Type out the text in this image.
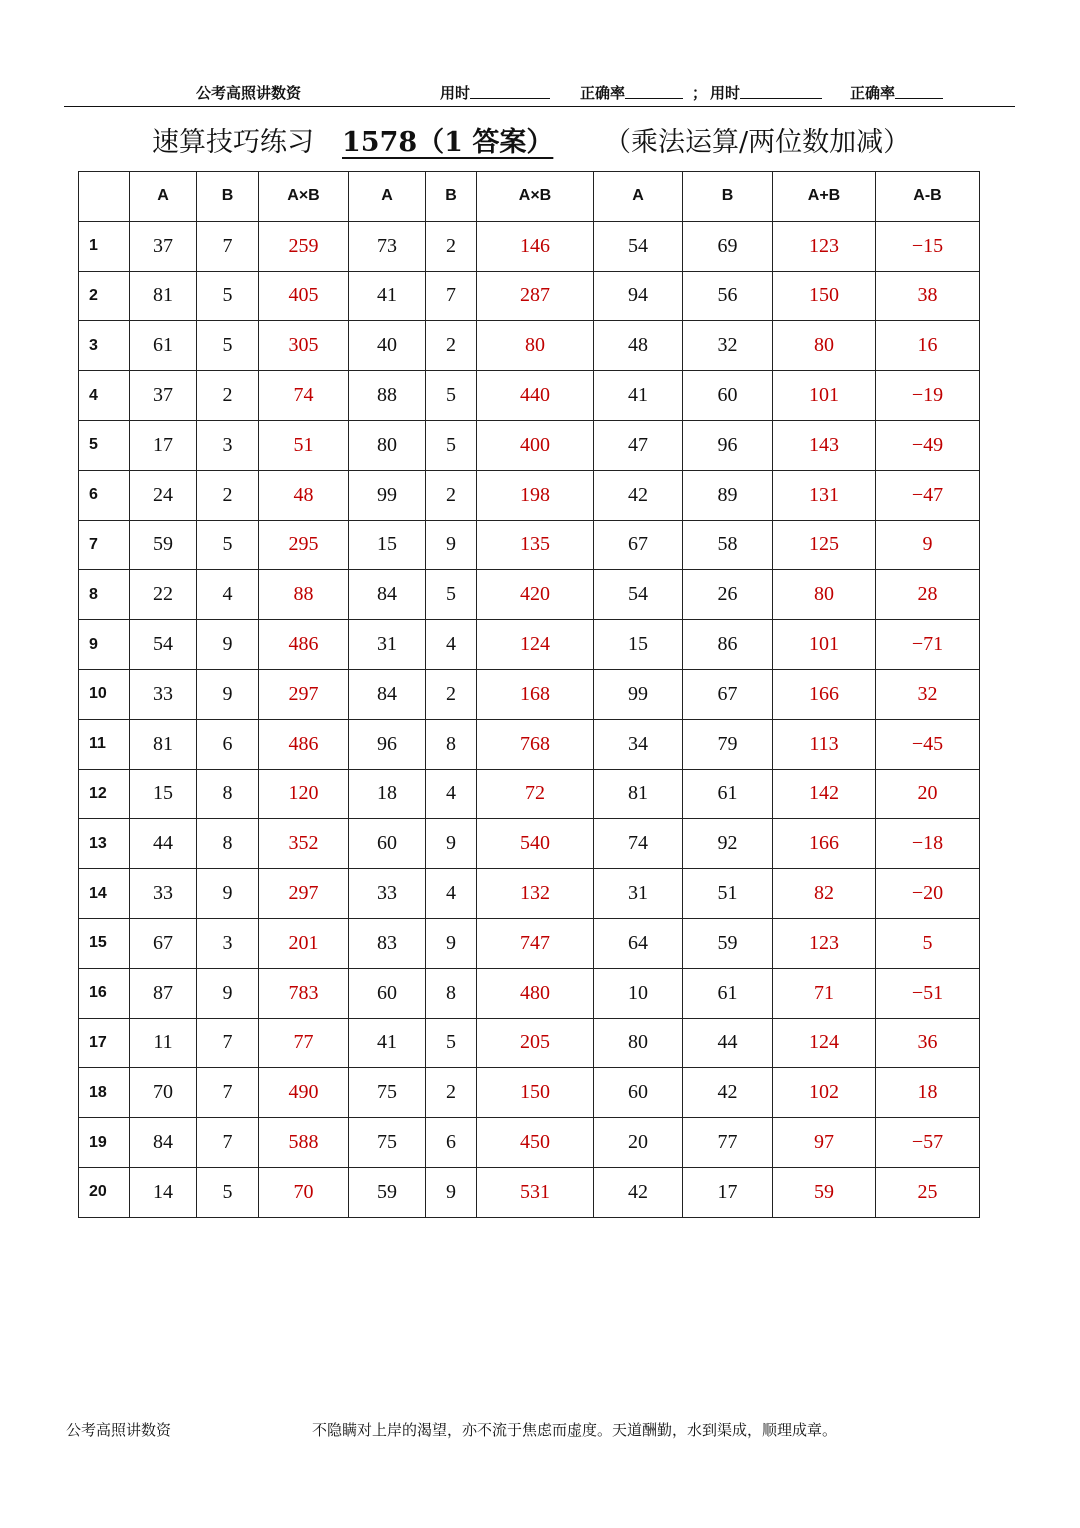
公考高照讲数资	用时	正确率	； 用时	正确率
速算技巧练习 1578（1 答案） （乘法运算/两位数加减）
	A	B	A×B	A	B	A×B	A	B	A+B	A-B
1	37	7	259	73	2	146	54	69	123	−15
2	81	5	405	41	7	287	94	56	150	38
3	61	5	305	40	2	80	48	32	80	16
4	37	2	74	88	5	440	41	60	101	−19
5	17	3	51	80	5	400	47	96	143	−49
6	24	2	48	99	2	198	42	89	131	−47
7	59	5	295	15	9	135	67	58	125	9
8	22	4	88	84	5	420	54	26	80	28
9	54	9	486	31	4	124	15	86	101	−71
10	33	9	297	84	2	168	99	67	166	32
11	81	6	486	96	8	768	34	79	113	−45
12	15	8	120	18	4	72	81	61	142	20
13	44	8	352	60	9	540	74	92	166	−18
14	33	9	297	33	4	132	31	51	82	−20
15	67	3	201	83	9	747	64	59	123	5
16	87	9	783	60	8	480	10	61	71	−51
17	11	7	77	41	5	205	80	44	124	36
18	70	7	490	75	2	150	60	42	102	18
19	84	7	588	75	6	450	20	77	97	−57
20	14	5	70	59	9	531	42	17	59	25
公考高照讲数资	不隐瞒对上岸的渴望，亦不流于焦虑而虚度。天道酬勤，水到渠成，顺理成章。
